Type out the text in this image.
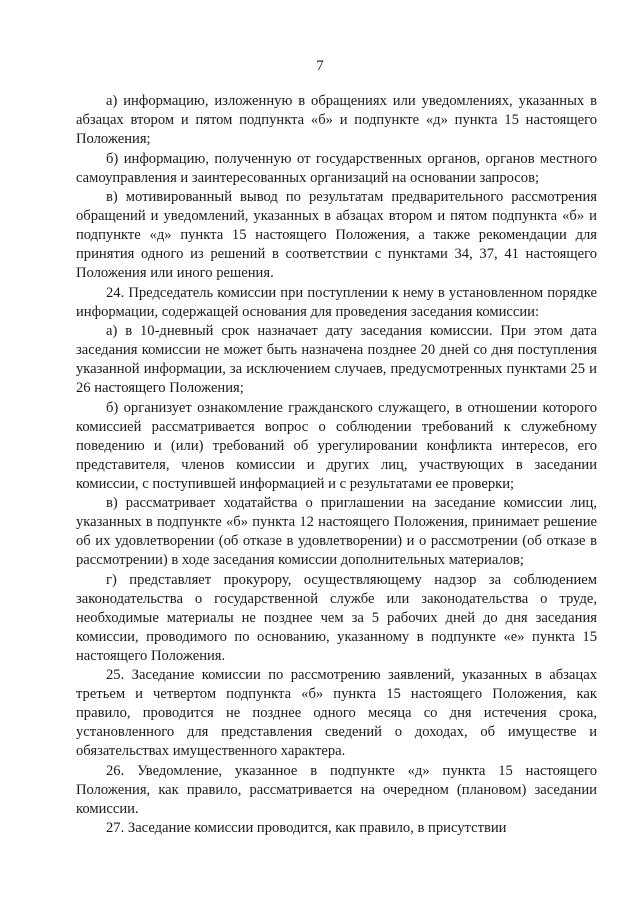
7

а) информацию, изложенную в обращениях или уведомлениях, указанных в абзацах втором и пятом подпункта «б» и подпункте «д» пункта 15 настоящего Положения;

б) информацию, полученную от государственных органов, органов местного самоуправления и заинтересованных организаций на основании запросов;

в) мотивированный вывод по результатам предварительного рассмотрения обращений и уведомлений, указанных в абзацах втором и пятом подпункта «б» и подпункте «д» пункта 15 настоящего Положения, а также рекомендации для принятия одного из решений в соответствии с пунктами 34, 37, 41 настоящего Положения или иного решения.

24. Председатель комиссии при поступлении к нему в установленном порядке информации, содержащей основания для проведения заседания комиссии:

а) в 10-дневный срок назначает дату заседания комиссии. При этом дата заседания комиссии не может быть назначена позднее 20 дней со дня поступления указанной информации, за исключением случаев, предусмотренных пунктами 25 и 26 настоящего Положения;

б) организует ознакомление гражданского служащего, в отношении которого комиссией рассматривается вопрос о соблюдении требований к служебному поведению и (или) требований об урегулировании конфликта интересов, его представителя, членов комиссии и других лиц, участвующих в заседании комиссии, с поступившей информацией и с результатами ее проверки;

в) рассматривает ходатайства о приглашении на заседание комиссии лиц, указанных в подпункте «б» пункта 12 настоящего Положения, принимает решение об их удовлетворении (об отказе в удовлетворении) и о рассмотрении (об отказе в рассмотрении) в ходе заседания комиссии дополнительных материалов;

г) представляет прокурору, осуществляющему надзор за соблюдением законодательства о государственной службе или законодательства о труде, необходимые материалы не позднее чем за 5 рабочих дней до дня заседания комиссии, проводимого по основанию, указанному в подпункте «е» пункта 15 настоящего Положения.

25. Заседание комиссии по рассмотрению заявлений, указанных в абзацах третьем и четвертом подпункта «б» пункта 15 настоящего Положения, как правило, проводится не позднее одного месяца со дня истечения срока, установленного для представления сведений о доходах, об имуществе и обязательствах имущественного характера.

26. Уведомление, указанное в подпункте «д» пункта 15 настоящего Положения, как правило, рассматривается на очередном (плановом) заседании комиссии.

27. Заседание комиссии проводится, как правило, в присутствии
